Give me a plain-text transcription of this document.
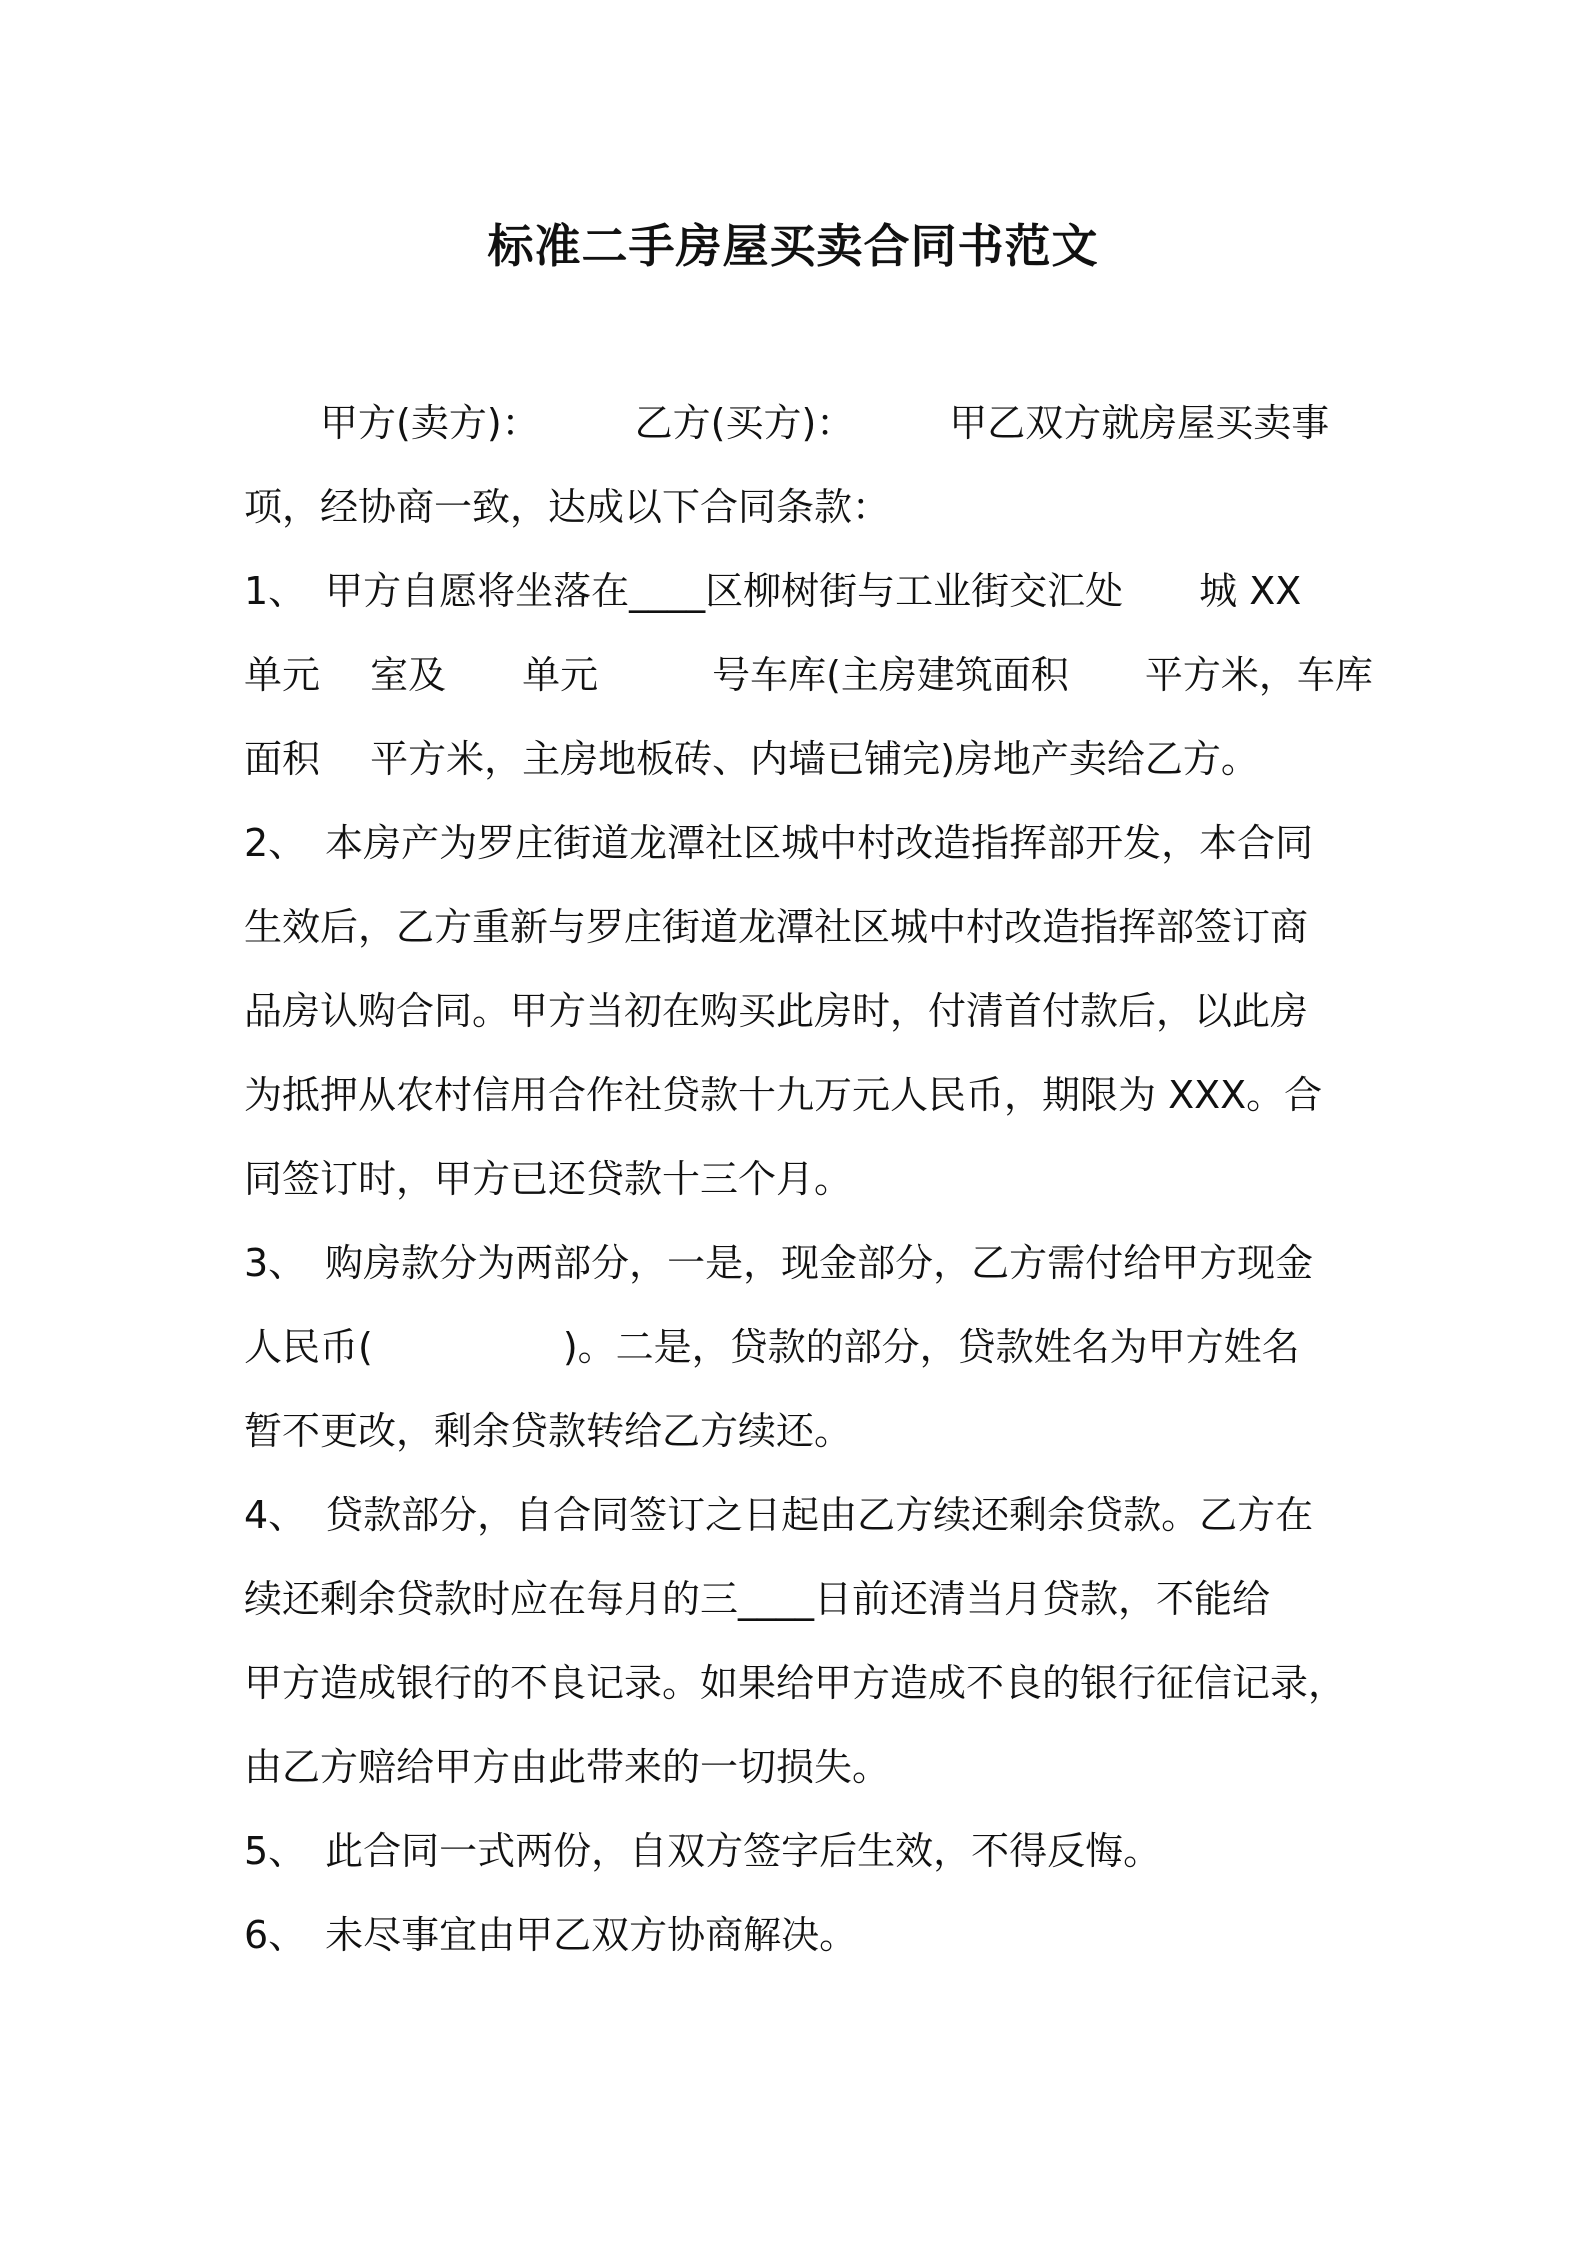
标准二手房屋买卖合同书范文
　　甲方(卖方)：　　　乙方(买方)：　　　甲乙双方就房屋买卖事
项，经协商一致，达成以下合同条款：
1、　甲方自愿将坐落在____区柳树街与工业街交汇处　　城 XX
单元　 室及　　单元　　　号车库(主房建筑面积　　平方米，车库
面积　 平方米，主房地板砖、内墙已铺完)房地产卖给乙方。
2、　本房产为罗庄街道龙潭社区城中村改造指挥部开发，本合同
生效后，乙方重新与罗庄街道龙潭社区城中村改造指挥部签订商
品房认购合同。甲方当初在购买此房时，付清首付款后，以此房
为抵押从农村信用合作社贷款十九万元人民币，期限为 XXX。合
同签订时，甲方已还贷款十三个月。
3、　购房款分为两部分，一是，现金部分，乙方需付给甲方现金
人民币(　　　　　)。二是，贷款的部分，贷款姓名为甲方姓名
暂不更改，剩余贷款转给乙方续还。
4、　贷款部分，自合同签订之日起由乙方续还剩余贷款。乙方在
续还剩余贷款时应在每月的三____日前还清当月贷款，不能给
甲方造成银行的不良记录。如果给甲方造成不良的银行征信记录，
由乙方赔给甲方由此带来的一切损失。
5、　此合同一式两份，自双方签字后生效，不得反悔。
6、　未尽事宜由甲乙双方协商解决。
